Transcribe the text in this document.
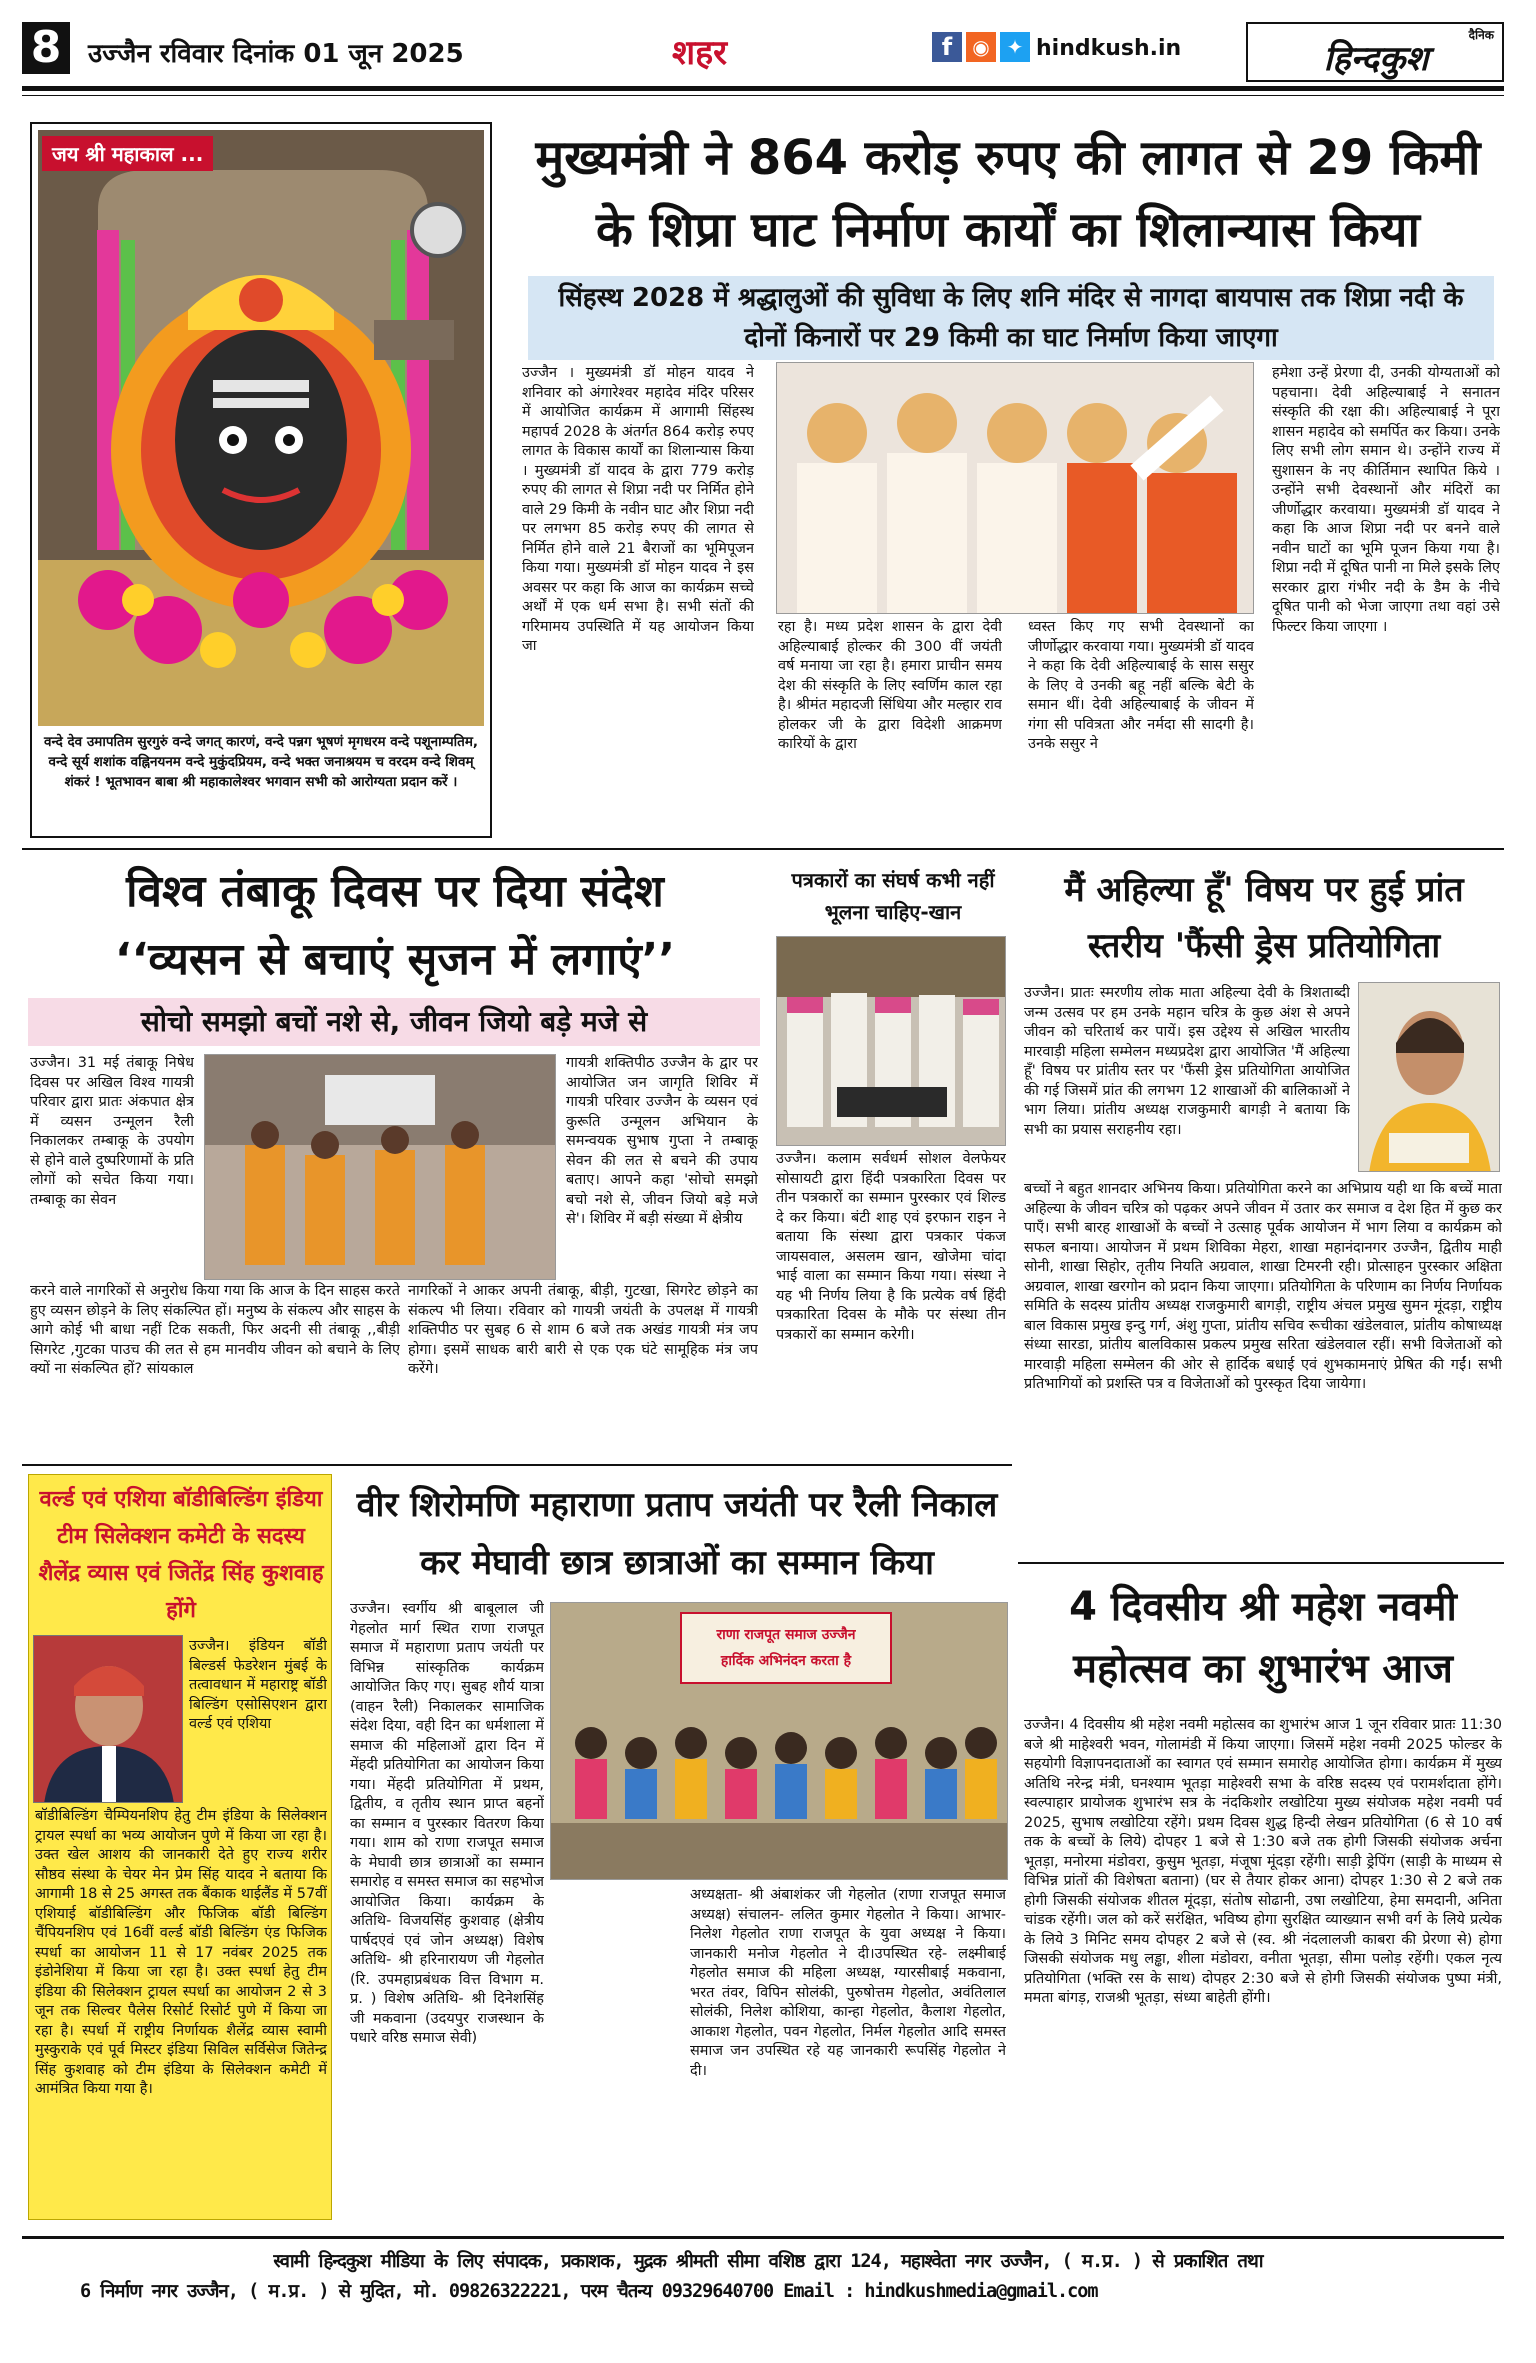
8	उज्जैन रविवार दिनांक 01 जून 2025	शहर	f	◉ ✦ hindkush.in
दैनिक
हिन्दकुश
जय श्री महाकाल ...
वन्दे देव उमापतिम सुरगुरुं वन्दे जगत्‌ कारणं, वन्दे पन्नग भूषणं मृगधरम वन्दे पशूनाम्पतिम, वन्दे सूर्य शशांक वह्निनयनम वन्दे मुकुंदप्रियम, वन्दे भक्त जनाश्रयम च वरदम वन्दे शिवम्‌ शंकरं ! भूतभावन बाबा श्री महाकालेश्वर भगवान सभी को आरोग्यता प्रदान करें ।
मुख्यमंत्री ने 864 करोड़ रुपए की लागत से 29 किमी के शिप्रा घाट निर्माण कार्यों का शिलान्यास किया
सिंहस्थ 2028 में श्रद्धालुओं की सुविधा के लिए शनि मंदिर से नागदा बायपास तक शिप्रा नदी के दोनों किनारों पर 29 किमी का घाट निर्माण किया जाएगा
उज्जैन । मुख्यमंत्री डॉ मोहन यादव ने शनिवार को अंगारेश्वर महादेव मंदिर परिसर में आयोजित कार्यक्रम में आगामी सिंहस्थ महापर्व 2028 के अंतर्गत 864 करोड़ रुपए लागत के विकास कार्यों का शिलान्यास किया । मुख्यमंत्री डॉ यादव के द्वारा 779 करोड़ रुपए की लागत से शिप्रा नदी पर निर्मित होने वाले 29 किमी के नवीन घाट और शिप्रा नदी पर लगभग 85 करोड़ रुपए की लागत से निर्मित होने वाले 21 बैराजों का भूमिपूजन किया गया। मुख्यमंत्री डॉ मोहन यादव ने इस अवसर पर कहा कि आज का कार्यक्रम सच्चे अर्थों में एक धर्म सभा है। सभी संतों की गरिमामय उपस्थिति में यह आयोजन किया जा
रहा है। मध्य प्रदेश शासन के द्वारा देवी अहिल्याबाई होल्कर की 300 वीं जयंती वर्ष मनाया जा रहा है। हमारा प्राचीन समय देश की संस्कृति के लिए स्वर्णिम काल रहा है। श्रीमंत महादजी सिंधिया और मल्हार राव होलकर जी के द्वारा विदेशी आक्रमण कारियों के द्वारा
ध्वस्त किए गए सभी देवस्थानों का जीर्णोद्धार करवाया गया। मुख्यमंत्री डॉ यादव ने कहा कि देवी अहिल्याबाई के सास ससुर के लिए वे उनकी बहू नहीं बल्कि बेटी के समान थीं। देवी अहिल्याबाई के जीवन में गंगा सी पवित्रता और नर्मदा सी सादगी है। उनके ससुर ने
हमेशा उन्हें प्रेरणा दी, उनकी योग्यताओं को पहचाना। देवी अहिल्याबाई ने सनातन संस्कृति की रक्षा की। अहिल्याबाई ने पूरा शासन महादेव को समर्पित कर किया। उनके लिए सभी लोग समान थे। उन्होंने राज्य में सुशासन के नए कीर्तिमान स्थापित किये ।उन्होंने सभी देवस्थानों और मंदिरों का जीर्णोद्धार करवाया। मुख्यमंत्री डॉ यादव ने कहा कि आज शिप्रा नदी पर बनने वाले नवीन घाटों का भूमि पूजन किया गया है। शिप्रा नदी में दूषित पानी ना मिले इसके लिए सरकार द्वारा गंभीर नदी के डैम के नीचे दूषित पानी को भेजा जाएगा तथा वहां उसे फिल्टर किया जाएगा ।
विश्व तंबाकू दिवस पर दिया संदेश
‘‘व्यसन से बचाएं सृजन में लगाएं’’
सोचो समझो बचों नशे से, जीवन जियो बड़े मजे से
उज्जैन। 31 मई तंबाकू निषेध दिवस पर अखिल विश्व गायत्री परिवार द्वारा प्रातः अंकपात क्षेत्र में व्यसन उन्मूलन रैली निकालकर तम्बाकू के उपयोग से होने वाले दुष्परिणामों के प्रति लोगों को सचेत किया गया। तम्बाकू का सेवन
करने वाले नागरिकों से अनुरोध किया गया कि आज के दिन साहस करते हुए व्यसन छोड़ने के लिए संकल्पित हों। मनुष्य के संकल्प और साहस के आगे कोई भी बाधा नहीं टिक सकती, फिर अदनी सी तंबाकू ,,बीड़ी सिगरेट ,गुटका पाउच की लत से हम मानवीय जीवन को बचाने के लिए क्यों ना संकल्पित हों? सांयकाल
गायत्री शक्तिपीठ उज्जैन के द्वार पर आयोजित जन जागृति शिविर में गायत्री परिवार उज्जैन के व्यसन एवं कुरूति उन्मूलन अभियान के समन्वयक सुभाष गुप्ता ने तम्बाकू सेवन की लत से बचने की उपाय बताए। आपने कहा 'सोचो समझो बचो नशे से, जीवन जियो बड़े मजे से'। शिविर में बड़ी संख्या में क्षेत्रीय
नागरिकों ने आकर अपनी तंबाकू, बीड़ी, गुटखा, सिगरेट छोड़ने का संकल्प भी लिया। रविवार को गायत्री जयंती के उपलक्ष में गायत्री शक्तिपीठ पर सुबह 6 से शाम 6 बजे तक अखंड गायत्री मंत्र जप होगा। इसमें साधक बारी बारी से एक एक घंटे सामूहिक मंत्र जप करेंगे।
पत्रकारों का संघर्ष कभी नहीं भूलना चाहिए-खान
उज्जैन। कलाम सर्वधर्म सोशल वेलफेयर सोसायटी द्वारा हिंदी पत्रकारिता दिवस पर तीन पत्रकारों का सम्मान पुरस्कार एवं शिल्ड दे कर किया। बंटी शाह एवं इरफान राइन ने बताया कि संस्था द्वारा पत्रकार पंकज जायसवाल, असलम खान, खोजेमा चांदा भाई वाला का सम्मान किया गया। संस्था ने यह भी निर्णय लिया है कि प्रत्येक वर्ष हिंदी पत्रकारिता दिवस के मौके पर संस्था तीन पत्रकारों का सम्मान करेगी।
मैं अहिल्या हूँ' विषय पर हुई प्रांत स्तरीय 'फैंसी ड्रेस प्रतियोगिता
उज्जैन। प्रातः स्मरणीय लोक माता अहिल्या देवी के त्रिशताब्दी जन्म उत्सव पर हम उनके महान चरित्र के कुछ अंश से अपने जीवन को चरितार्थ कर पायें। इस उद्देश्य से अखिल भारतीय मारवाड़ी महिला सम्मेलन मध्यप्रदेश द्वारा आयोजित 'मैं अहिल्या हूँ' विषय पर प्रांतीय स्तर पर 'फैंसी ड्रेस प्रतियोगिता आयोजित की गई जिसमें प्रांत की लगभग 12 शाखाओं की बालिकाओं ने भाग लिया। प्रांतीय अध्यक्ष राजकुमारी बागड़ी ने बताया कि सभी का प्रयास सराहनीय रहा।
बच्चों ने बहुत शानदार अभिनय किया। प्रतियोगिता करने का अभिप्राय यही था कि बच्चें माता अहिल्या के जीवन चरित्र को पढ़कर अपने जीवन में उतार कर समाज व देश हित में कुछ कर पाएँ। सभी बारह शाखाओं के बच्चों ने उत्साह पूर्वक आयोजन में भाग लिया व कार्यक्रम को सफल बनाया। आयोजन में प्रथम शिविका मेहरा, शाखा महानंदानगर उज्जैन, द्वितीय माही सोनी, शाखा सिहोर, तृतीय नियति अग्रवाल, शाखा टिमरनी रही। प्रोत्साहन पुरस्कार अक्षिता अग्रवाल, शाखा खरगोन को प्रदान किया जाएगा। प्रतियोगिता के परिणाम का निर्णय निर्णायक समिति के सदस्य प्रांतीय अध्यक्ष राजकुमारी बागड़ी, राष्ट्रीय अंचल प्रमुख सुमन मूंदड़ा, राष्ट्रीय बाल विकास प्रमुख इन्दु गर्ग, अंशु गुप्ता, प्रांतीय सचिव रूचीका खंडेलवाल, प्रांतीय कोषाध्यक्ष संध्या सारडा, प्रांतीय बालविकास प्रकल्प प्रमुख सरिता खंडेलवाल रहीं। सभी विजेताओं को मारवाड़ी महिला सम्मेलन की ओर से हार्दिक बधाई एवं शुभकामनाएं प्रेषित की गईं। सभी प्रतिभागियों को प्रशस्ति पत्र व विजेताओं को पुरस्कृत दिया जायेगा।
वर्ल्ड एवं एशिया बॉडीबिल्डिंग इंडिया टीम सिलेक्शन कमेटी के सदस्य शैलेंद्र व्यास एवं जितेंद्र सिंह कुशवाह होंगे
उज्जैन। इंडियन बॉडी बिल्डर्स फेडरेशन मुंबई के तत्वावधान में महाराष्ट्र बॉडी बिल्डिंग एसोसिएशन द्वारा वर्ल्ड एवं एशिया
बॉडीबिल्डिंग चैम्पियनशिप हेतु टीम इंडिया के सिलेक्शन ट्रायल स्पर्धा का भव्य आयोजन पुणे में किया जा रहा है। उक्त खेल आशय की जानकारी देते हुए राज्य शरीर सौष्ठव संस्था के चेयर मेन प्रेम सिंह यादव ने बताया कि आगामी 18 से 25 अगस्त तक बैंकाक थाईलैंड में 57वीं एशियाई बॉडीबिल्डिंग और फिजिक बॉडी बिल्डिंग चैंपियनशिप एवं 16वीं वर्ल्ड बॉडी बिल्डिंग एंड फिजिक स्पर्धा का आयोजन 11 से 17 नवंबर 2025 तक इंडोनेशिया में किया जा रहा है। उक्त स्पर्धा हेतु टीम इंडिया की सिलेक्शन ट्रायल स्पर्धा का आयोजन 2 से 3 जून तक सिल्वर पैलेस रिसोर्ट रिसोर्ट पुणे में किया जा रहा है। स्पर्धा में राष्ट्रीय निर्णायक शैलेंद्र व्यास स्वामी मुस्कुराके एवं पूर्व मिस्टर इंडिया सिविल सर्विसेज जितेन्द्र सिंह कुशवाह को टीम इंडिया के सिलेक्शन कमेटी में आमंत्रित किया गया है।
वीर शिरोमणि महाराणा प्रताप जयंती पर रैली निकाल कर मेघावी छात्र छात्राओं का सम्मान किया
उज्जैन। स्वर्गीय श्री बाबूलाल जी गेहलोत मार्ग स्थित राणा राजपूत समाज में महाराणा प्रताप जयंती पर विभिन्न सांस्कृतिक कार्यक्रम आयोजित किए गए। सुबह शौर्य यात्रा (वाहन रैली) निकालकर सामाजिक संदेश दिया, वही दिन का धर्मशाला में समाज की महिलाओं द्वारा दिन में मेंहदी प्रतियोगिता का आयोजन किया गया। मेंहदी प्रतियोगिता में प्रथम, द्वितीय, व तृतीय स्थान प्राप्त बहनों का सम्मान व पुरस्कार वितरण किया गया। शाम को राणा राजपूत समाज के मेघावी छात्र छात्राओं का सम्मान समारोह व समस्त समाज का सहभोज आयोजित किया। कार्यक्रम के अतिथि- विजयसिंह कुशवाह (क्षेत्रीय पार्षदएवं एवं जोन अध्यक्ष) विशेष अतिथि- श्री हरिनारायण जी गेहलोत (रि. उपमहाप्रबंधक वित्त विभाग म. प्र. ) विशेष अतिथि- श्री दिनेशसिंह जी मकवाना (उदयपुर राजस्थान के पधारे वरिष्ठ समाज सेवी)
राणा राजपूत समाज उज्जैन
हार्दिक अभिनंदन करता है
अध्यक्षता- श्री अंबाशंकर जी गेहलोत (राणा राजपूत समाज अध्यक्ष) संचालन- ललित कुमार गेहलोत ने किया। आभार- निलेश गेहलोत राणा राजपूत के युवा अध्यक्ष ने किया। जानकारी मनोज गेहलोत ने दी।उपस्थित रहे- लक्ष्मीबाई गेहलोत समाज की महिला अध्यक्ष, ग्यारसीबाई मकवाना, भरत तंवर, विपिन सोलंकी, पुरुषोत्तम गेहलोत, अवंतिलाल सोलंकी, निलेश कोशिया, कान्हा गेहलोत, कैलाश गेहलोत, आकाश गेहलोत, पवन गेहलोत, निर्मल गेहलोत आदि समस्त समाज जन उपस्थित रहे यह जानकारी रूपसिंह गेहलोत ने दी।
4 दिवसीय श्री महेश नवमी महोत्सव का शुभारंभ आज
उज्जैन। 4 दिवसीय श्री महेश नवमी महोत्सव का शुभारंभ आज 1 जून रविवार प्रातः 11:30 बजे श्री माहेश्वरी भवन, गोलामंडी में किया जाएगा। जिसमें महेश नवमी 2025 फोल्डर के सहयोगी विज्ञापनदाताओं का स्वागत एवं सम्मान समारोह आयोजित होगा। कार्यक्रम में मुख्य अतिथि नरेन्द्र मंत्री, घनश्याम भूतड़ा माहेश्वरी सभा के वरिष्ठ सदस्य एवं परामर्शदाता होंगे। स्वल्पाहार प्रायोजक शुभारंभ सत्र के नंदकिशोर लखोटिया मुख्य संयोजक महेश नवमी पर्व 2025, सुभाष लखोटिया रहेंगे। प्रथम दिवस शुद्ध हिन्दी लेखन प्रतियोगिता (6 से 10 वर्ष तक के बच्चों के लिये) दोपहर 1 बजे से 1:30 बजे तक होगी जिसकी संयोजक अर्चना भूतड़ा, मनोरमा मंडोवरा, कुसुम भूतड़ा, मंजूषा मूंदड़ा रहेंगी। साड़ी ड्रेपिंग (साड़ी के माध्यम से विभिन्न प्रांतों की विशेषता बताना) (घर से तैयार होकर आना) दोपहर 1:30 से 2 बजे तक होगी जिसकी संयोजक शीतल मूंदड़ा, संतोष सोढानी, उषा लखोटिया, हेमा समदानी, अनिता चांडक रहेंगी। जल को करें सरंक्षित, भविष्य होगा सुरक्षित व्याख्यान सभी वर्ग के लिये प्रत्येक के लिये 3 मिनिट समय दोपहर 2 बजे से (स्व. श्री नंदलालजी काबरा की प्रेरणा से) होगा जिसकी संयोजक मधु लड्ढा, शीला मंडोवरा, वनीता भूतड़ा, सीमा पलोड़ रहेंगी। एकल नृत्य प्रतियोगिता (भक्ति रस के साथ) दोपहर 2:30 बजे से होगी जिसकी संयोजक पुष्पा मंत्री, ममता बांगड़, राजश्री भूतड़ा, संध्या बाहेती होंगी।
स्वामी हिन्दकुश मीडिया के लिए संपादक, प्रकाशक, मुद्रक श्रीमती सीमा वशिष्ठ द्वारा 124, महाश्वेता नगर उज्जैन, ( म.प्र. ) से प्रकाशित तथा
6 निर्माण नगर उज्जैन, ( म.प्र. ) से मुदित, मो. 09826322221, परम चैतन्य 09329640700 Email : hindkushmedia@gmail.com
